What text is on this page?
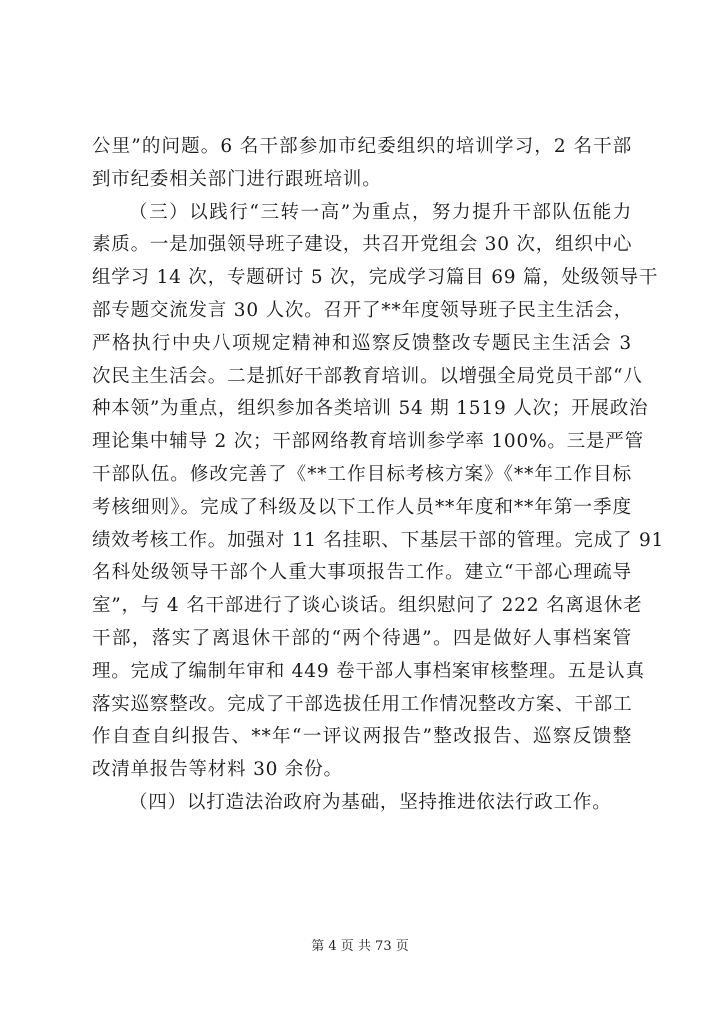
公里”的问题。6 名干部参加市纪委组织的培训学习，2 名干部
到市纪委相关部门进行跟班培训。
（三）以践行“三转一高”为重点，努力提升干部队伍能力
素质。一是加强领导班子建设，共召开党组会 30 次，组织中心
组学习 14 次，专题研讨 5 次，完成学习篇目 69 篇，处级领导干
部专题交流发言 30 人次。召开了**年度领导班子民主生活会，
严格执行中央八项规定精神和巡察反馈整改专题民主生活会 3
次民主生活会。二是抓好干部教育培训。以增强全局党员干部“八
种本领”为重点，组织参加各类培训 54 期 1519 人次；开展政治
理论集中辅导 2 次；干部网络教育培训参学率 100%。三是严管
干部队伍。修改完善了《**工作目标考核方案》《**年工作目标
考核细则》。完成了科级及以下工作人员**年度和**年第一季度
绩效考核工作。加强对 11 名挂职、下基层干部的管理。完成了 91
名科处级领导干部个人重大事项报告工作。建立“干部心理疏导
室”，与 4 名干部进行了谈心谈话。组织慰问了 222 名离退休老
干部，落实了离退休干部的“两个待遇”。四是做好人事档案管
理。完成了编制年审和 449 卷干部人事档案审核整理。五是认真
落实巡察整改。完成了干部选拔任用工作情况整改方案、干部工
作自查自纠报告、**年“一评议两报告”整改报告、巡察反馈整
改清单报告等材料 30 余份。
（四）以打造法治政府为基础，坚持推进依法行政工作。
第 4 页 共 73 页
